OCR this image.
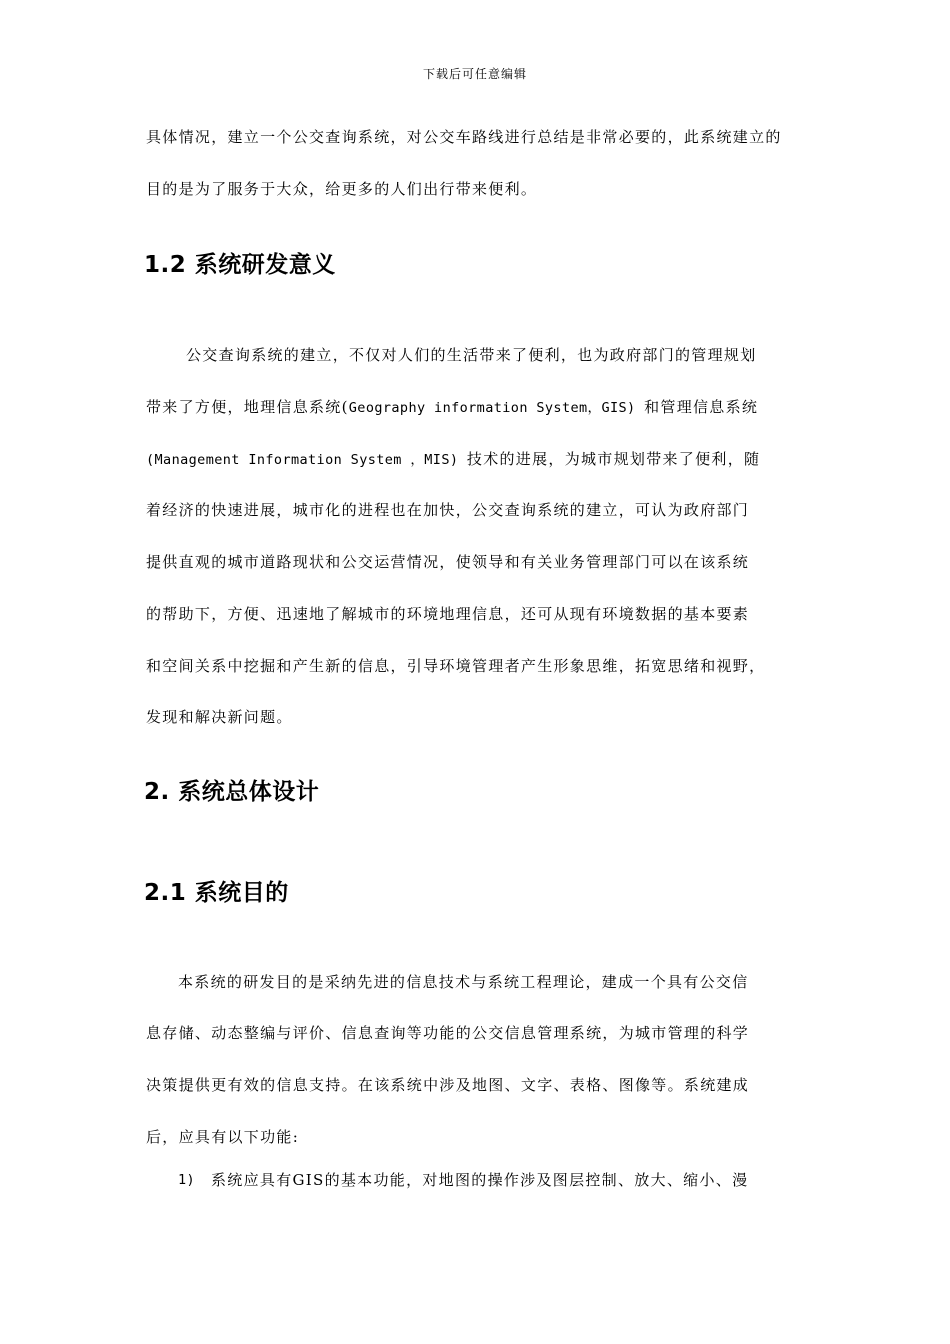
下载后可任意编辑
具体情况，建立一个公交查询系统，对公交车路线进行总结是非常必要的，此系统建立的
目的是为了服务于大众，给更多的人们出行带来便利。
1.2 系统研发意义
公交查询系统的建立，不仅对人们的生活带来了便利，也为政府部门的管理规划
带来了方便，地理信息系统(Geography information System，GIS) 和管理信息系统
(Management Information System ，MIS) 技术的进展，为城市规划带来了便利，随
着经济的快速进展，城市化的进程也在加快，公交查询系统的建立，可认为政府部门
提供直观的城市道路现状和公交运营情况，使领导和有关业务管理部门可以在该系统
的帮助下，方便、迅速地了解城市的环境地理信息，还可从现有环境数据的基本要素
和空间关系中挖掘和产生新的信息，引导环境管理者产生形象思维，拓宽思绪和视野，
发现和解决新问题。
2. 系统总体设计
2.1 系统目的
本系统的研发目的是采纳先进的信息技术与系统工程理论，建成一个具有公交信
息存储、动态整编与评价、信息查询等功能的公交信息管理系统，为城市管理的科学
决策提供更有效的信息支持。在该系统中涉及地图、文字、表格、图像等。系统建成
后，应具有以下功能:
1) 系统应具有GIS的基本功能，对地图的操作涉及图层控制、放大、缩小、漫
